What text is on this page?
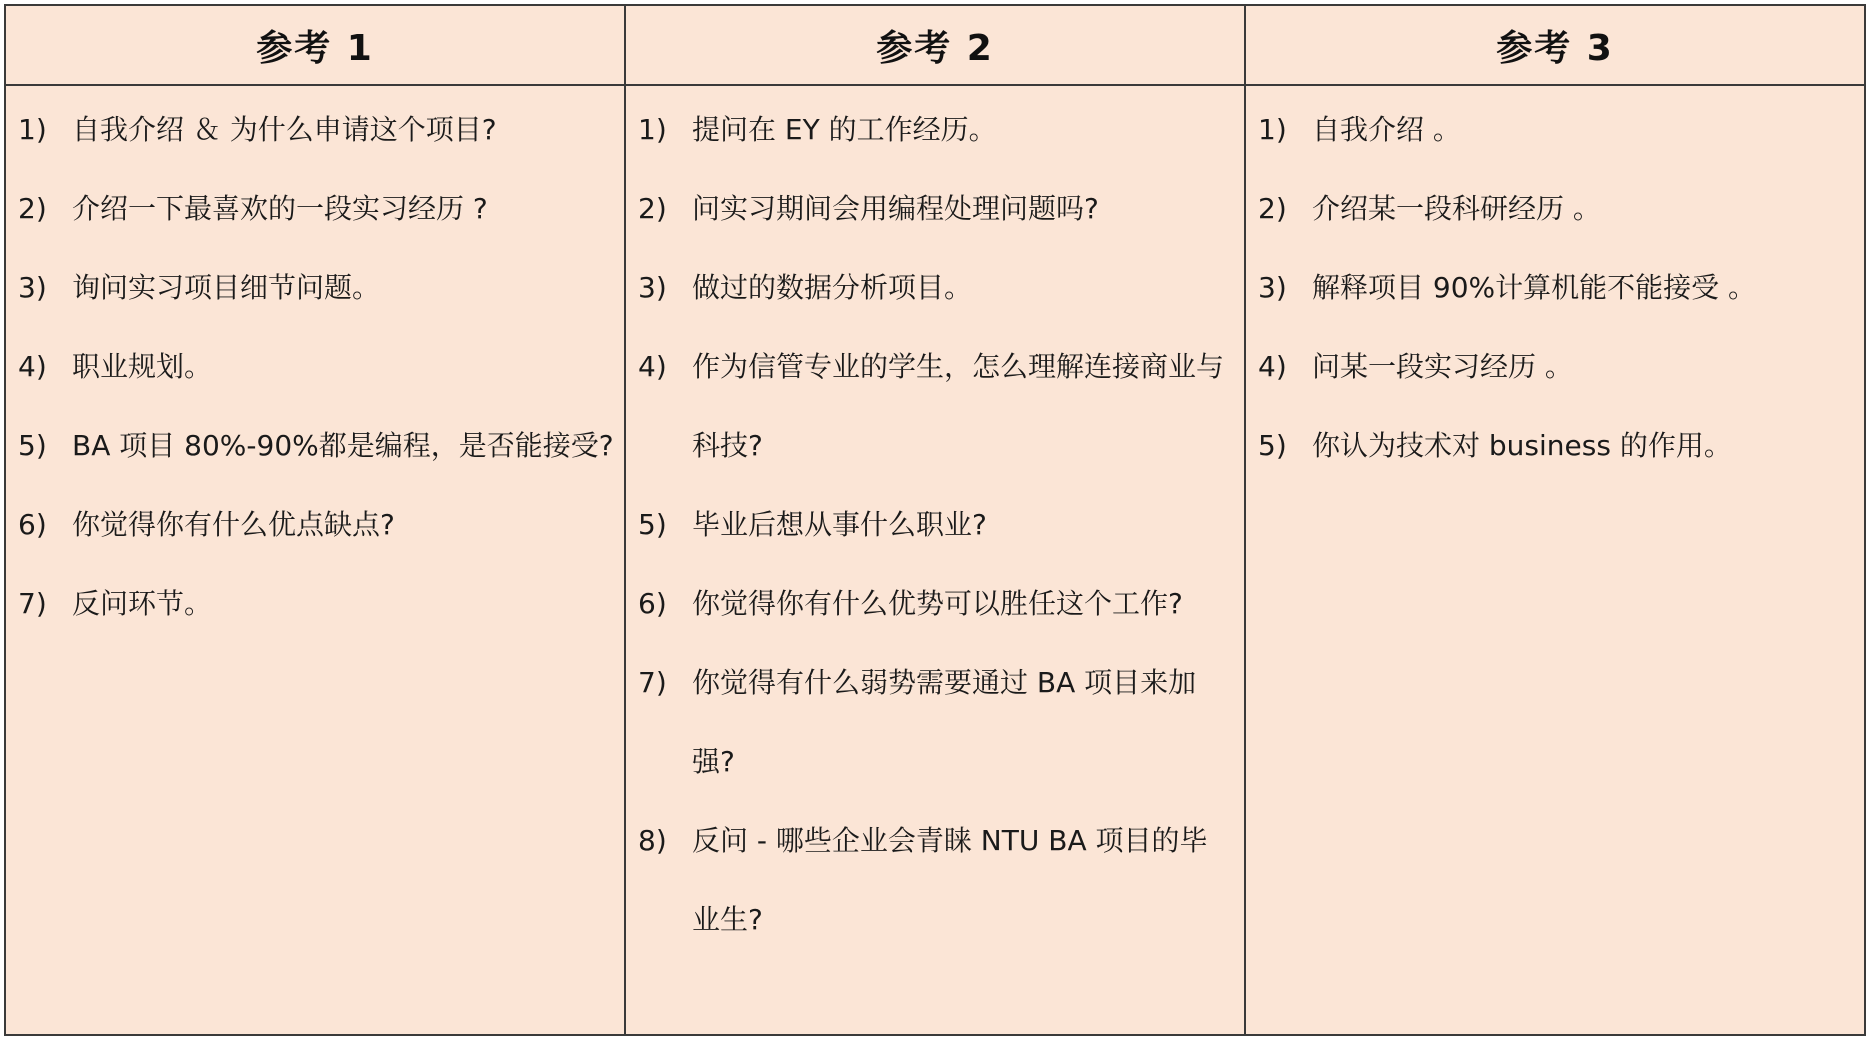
参考 1	参考 2	参考 3
1) 自我介绍 ＆ 为什么申请这个项目?
2) 介绍一下最喜欢的一段实习经历 ?
3) 询问实习项目细节问题。
4) 职业规划。
5) BA 项目 80%-90%都是编程，是否能接受?
6) 你觉得你有什么优点缺点?
7) 反问环节。
1) 提问在 EY 的工作经历。
2) 问实习期间会用编程处理问题吗?
3) 做过的数据分析项目。
4) 作为信管专业的学生，怎么理解连接商业与科技?
5) 毕业后想从事什么职业?
6) 你觉得你有什么优势可以胜任这个工作?
7) 你觉得有什么弱势需要通过 BA 项目来加强?
8) 反问 - 哪些企业会青睐 NTU BA 项目的毕业生?
1) 自我介绍 。
2) 介绍某一段科研经历 。
3) 解释项目 90%计算机能不能接受 。
4) 问某一段实习经历 。
5) 你认为技术对 business 的作用。
